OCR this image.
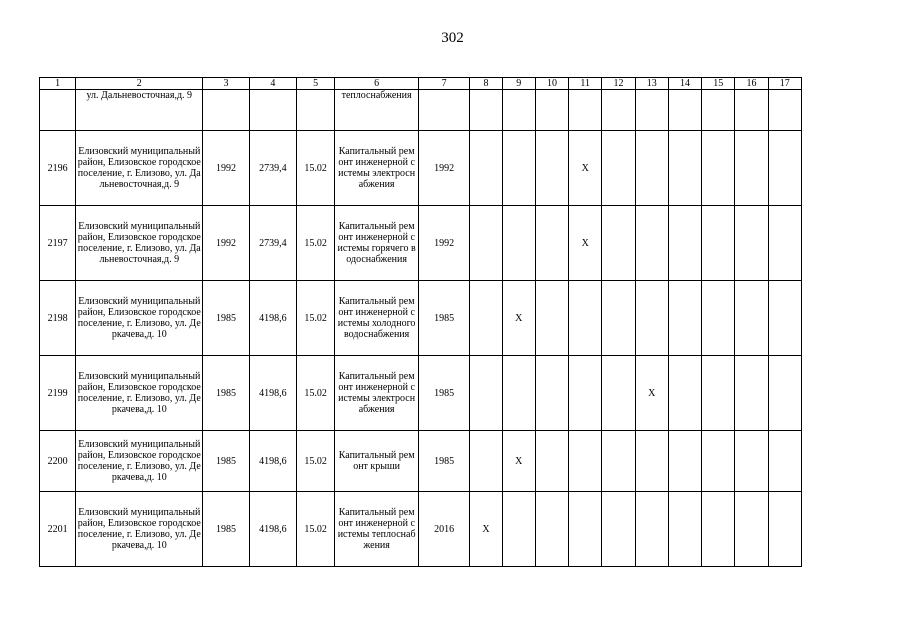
302
1	2	3	4	5	6	7	8	9	10	11	12	13	14	15	16	17
	ул. Дальневосточная,д. 9				теплоснабжения											
2196	Елизовский муниципальный район, Елизовское городское поселение, г. Елизово, ул. Дальневосточная,д. 9	1992	2739,4	15.02	Капитальный ремонт инженерной системы электроснабжения	1992				X						
2197	Елизовский муниципальный район, Елизовское городское поселение, г. Елизово, ул. Дальневосточная,д. 9	1992	2739,4	15.02	Капитальный ремонт инженерной системы горячего водоснабжения	1992				X						
2198	Елизовский муниципальный район, Елизовское городское поселение, г. Елизово, ул. Деркачева,д. 10	1985	4198,6	15.02	Капитальный ремонт инженерной системы холодного водоснабжения	1985		X								
2199	Елизовский муниципальный район, Елизовское городское поселение, г. Елизово, ул. Деркачева,д. 10	1985	4198,6	15.02	Капитальный ремонт инженерной системы электроснабжения	1985						X				
2200	Елизовский муниципальный район, Елизовское городское поселение, г. Елизово, ул. Деркачева,д. 10	1985	4198,6	15.02	Капитальный ремонт крыши	1985		X								
2201	Елизовский муниципальный район, Елизовское городское поселение, г. Елизово, ул. Деркачева,д. 10	1985	4198,6	15.02	Капитальный ремонт инженерной системы теплоснабжения	2016	X									
